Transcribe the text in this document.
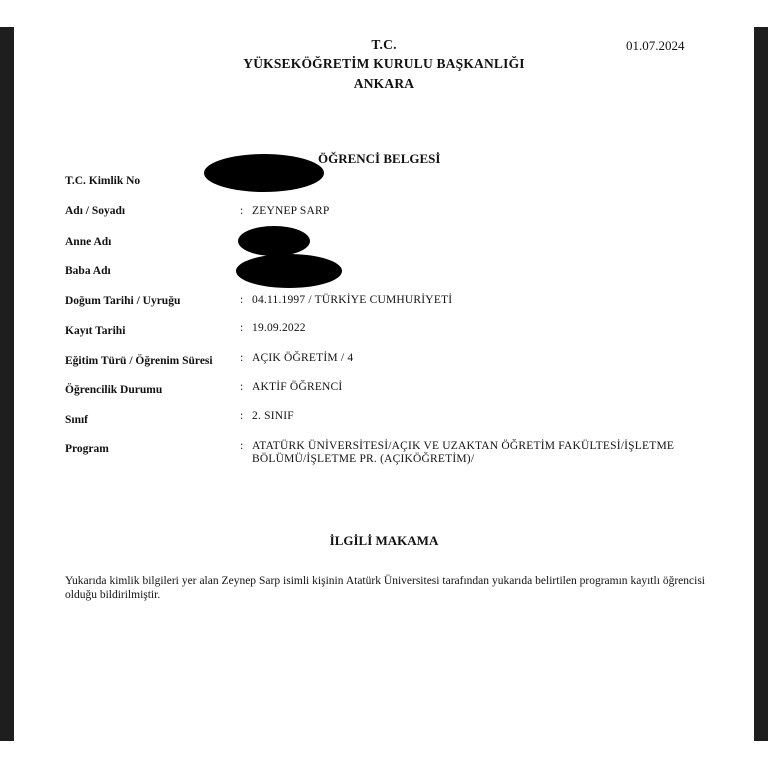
T.C.
YÜKSEKÖĞRETİM KURULU BAŞKANLIĞI
ANKARA
01.07.2024
ÖĞRENCİ BELGESİ
T.C. Kimlik No
Adı / Soyadı
Anne Adı
Baba Adı
Doğum Tarihi / Uyruğu
Kayıt Tarihi
Eğitim Türü / Öğrenim Süresi
Öğrencilik Durumu
Sınıf
Program
: ZEYNEP SARP
: 04.11.1997 / TÜRKİYE CUMHURİYETİ
: 19.09.2022
: AÇIK ÖĞRETİM / 4
: AKTİF ÖĞRENCİ
: 2. SINIF
: ATATÜRK ÜNİVERSİTESİ/AÇIK VE UZAKTAN ÖĞRETİM FAKÜLTESİ/İŞLETME
BÖLÜMÜ/İŞLETME PR. (AÇIKÖĞRETİM)/
İLGİLİ MAKAMA
Yukarıda kimlik bilgileri yer alan Zeynep Sarp isimli kişinin Atatürk Üniversitesi tarafından yukarıda belirtilen programın kayıtlı öğrencisi olduğu bildirilmiştir.
